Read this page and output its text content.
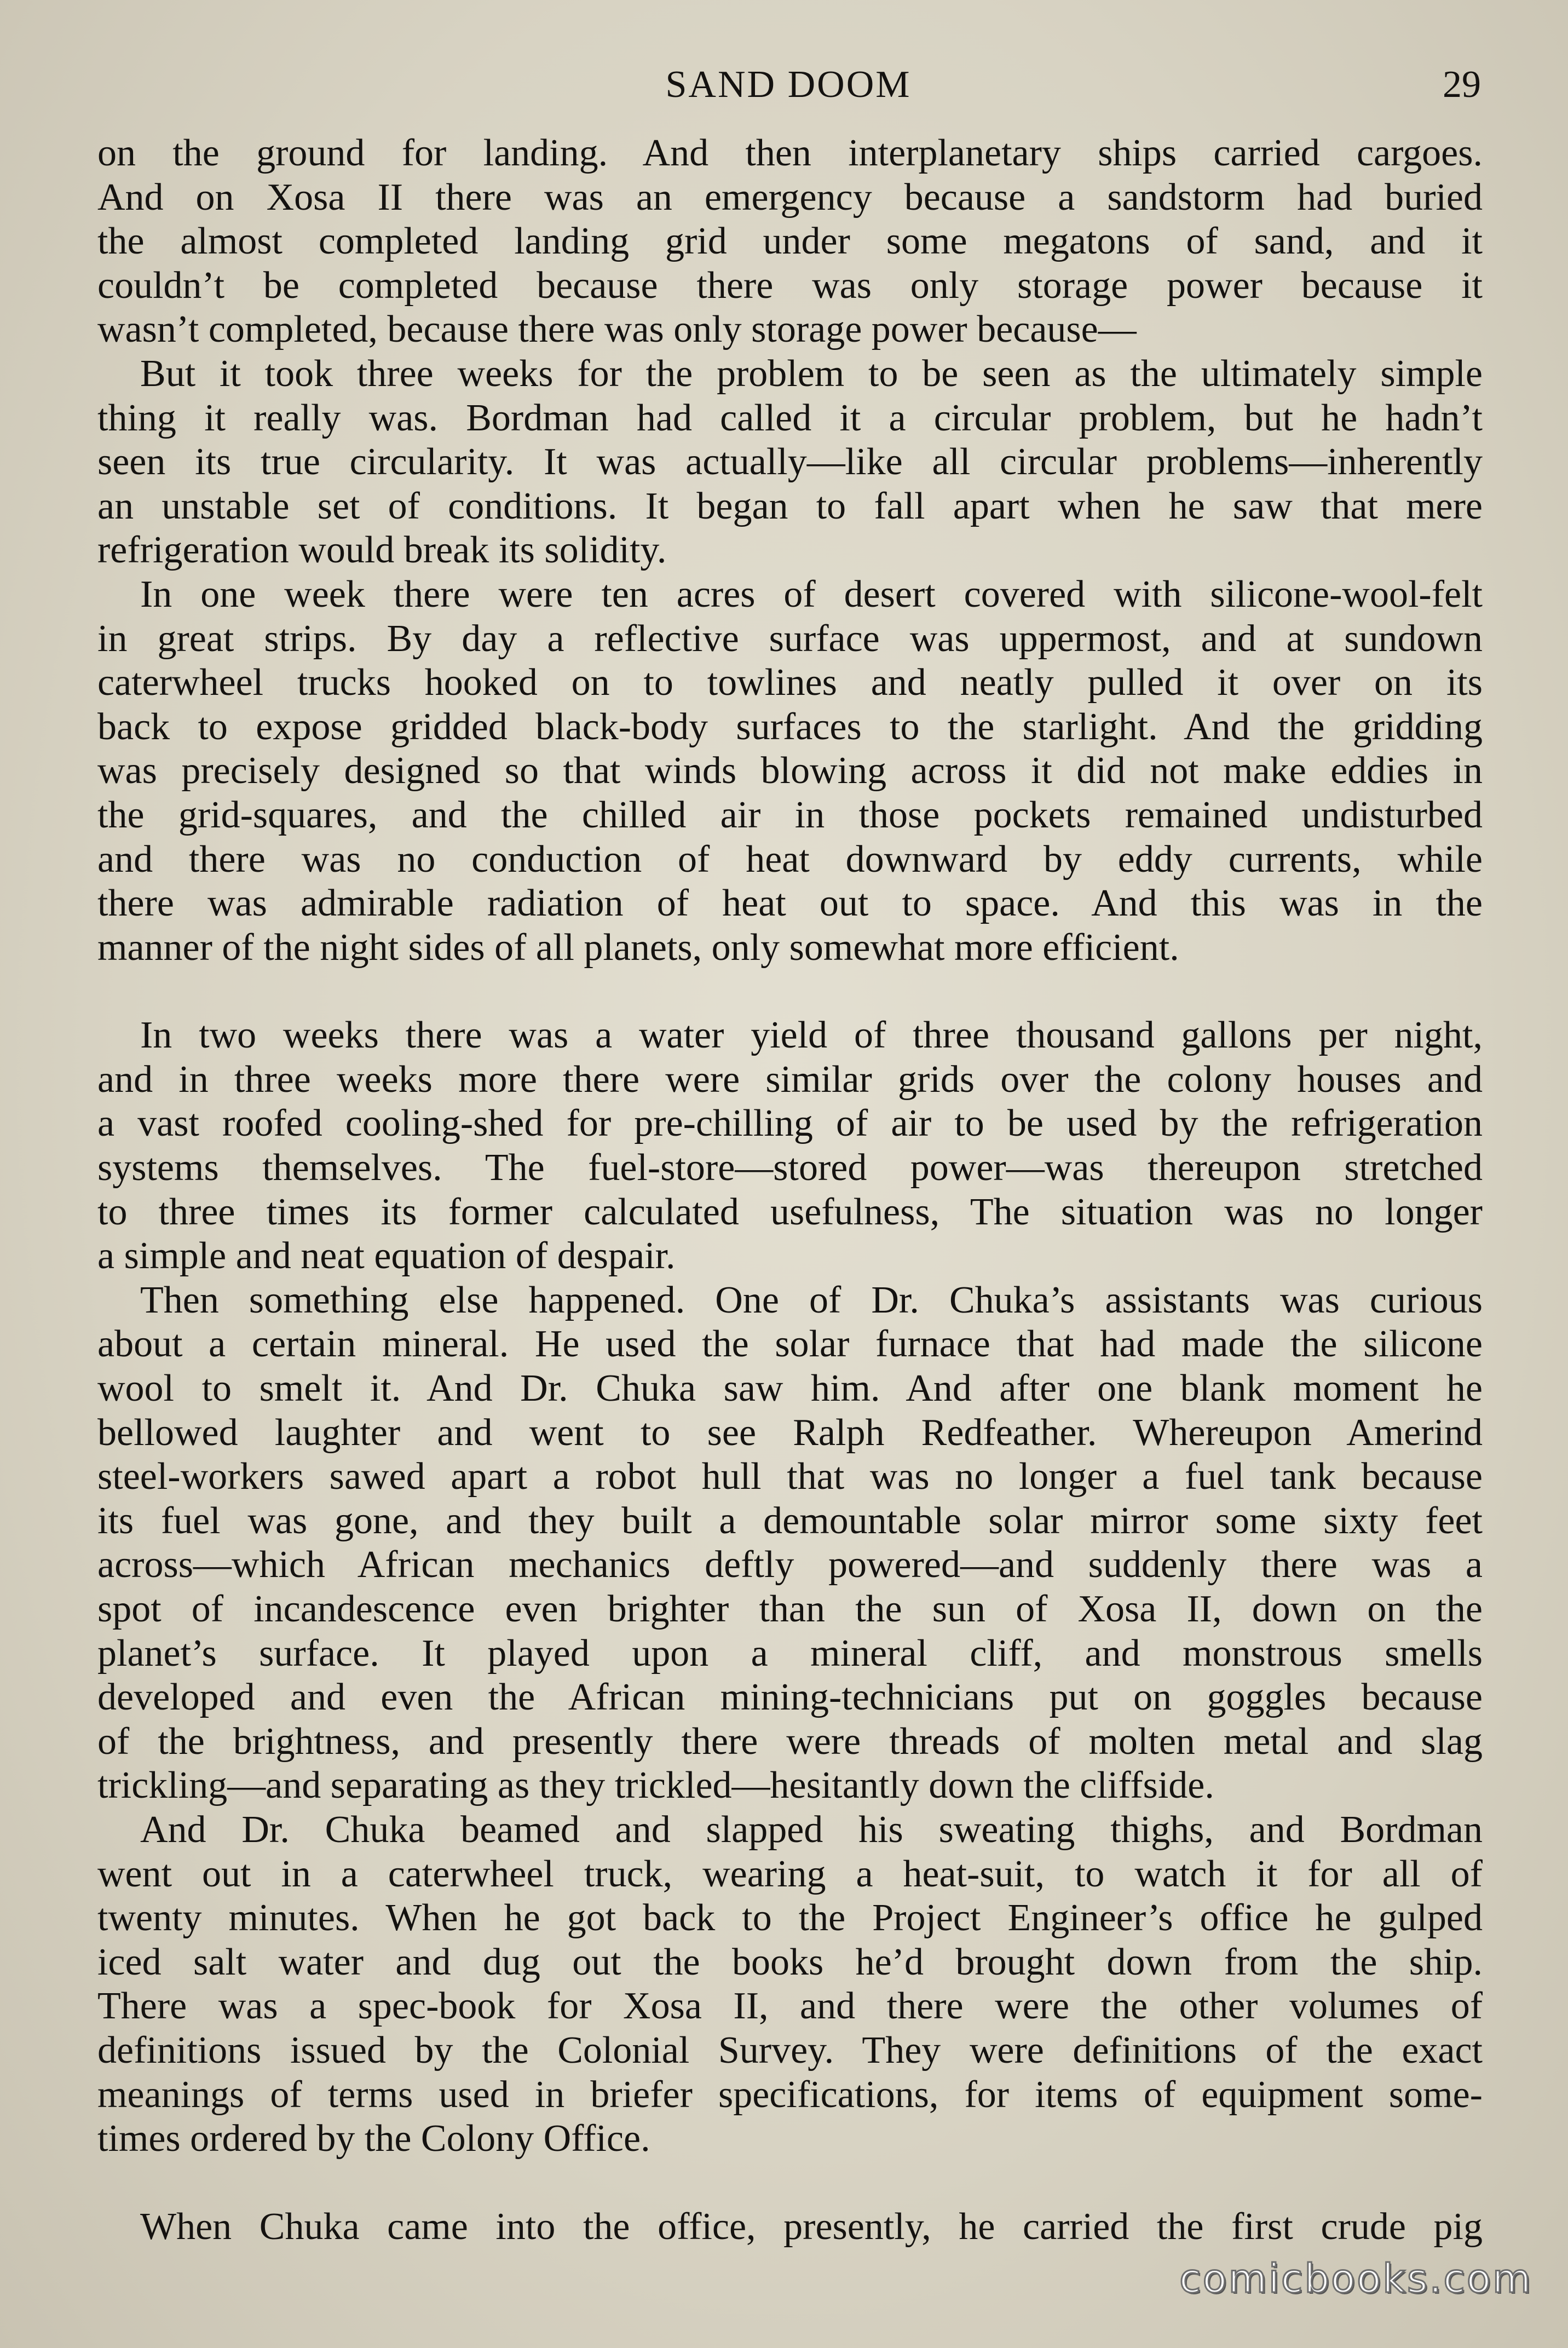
SAND DOOM	29
on the ground for landing. And then interplanetary ships carried cargoes.
And on Xosa II there was an emergency because a sandstorm had buried
the almost completed landing grid under some megatons of sand, and it
couldn’t be completed because there was only storage power because it
wasn’t completed, because there was only storage power because—
But it took three weeks for the problem to be seen as the ultimately simple
thing it really was. Bordman had called it a circular problem, but he hadn’t
seen its true circularity. It was actually—like all circular problems—inherently
an unstable set of conditions. It began to fall apart when he saw that mere
refrigeration would break its solidity.
In one week there were ten acres of desert covered with silicone-wool-felt
in great strips. By day a reflective surface was uppermost, and at sundown
caterwheel trucks hooked on to towlines and neatly pulled it over on its
back to expose gridded black-body surfaces to the starlight. And the gridding
was precisely designed so that winds blowing across it did not make eddies in
the grid-squares, and the chilled air in those pockets remained undisturbed
and there was no conduction of heat downward by eddy currents, while
there was admirable radiation of heat out to space. And this was in the
manner of the night sides of all planets, only somewhat more efficient.
In two weeks there was a water yield of three thousand gallons per night,
and in three weeks more there were similar grids over the colony houses and
a vast roofed cooling-shed for pre-chilling of air to be used by the refrigeration
systems themselves. The fuel-store—stored power—was thereupon stretched
to three times its former calculated usefulness, The situation was no longer
a simple and neat equation of despair.
Then something else happened. One of Dr. Chuka’s assistants was curious
about a certain mineral. He used the solar furnace that had made the silicone
wool to smelt it. And Dr. Chuka saw him. And after one blank moment he
bellowed laughter and went to see Ralph Redfeather. Whereupon Amerind
steel-workers sawed apart a robot hull that was no longer a fuel tank because
its fuel was gone, and they built a demountable solar mirror some sixty feet
across—which African mechanics deftly powered—and suddenly there was a
spot of incandescence even brighter than the sun of Xosa II, down on the
planet’s surface. It played upon a mineral cliff, and monstrous smells
developed and even the African mining-technicians put on goggles because
of the brightness, and presently there were threads of molten metal and slag
trickling—and separating as they trickled—hesitantly down the cliffside.
And Dr. Chuka beamed and slapped his sweating thighs, and Bordman
went out in a caterwheel truck, wearing a heat-suit, to watch it for all of
twenty minutes. When he got back to the Project Engineer’s office he gulped
iced salt water and dug out the books he’d brought down from the ship.
There was a spec-book for Xosa II, and there were the other volumes of
definitions issued by the Colonial Survey. They were definitions of the exact
meanings of terms used in briefer specifications, for items of equipment some-
times ordered by the Colony Office.
When Chuka came into the office, presently, he carried the first crude pig
comicbooks.com
